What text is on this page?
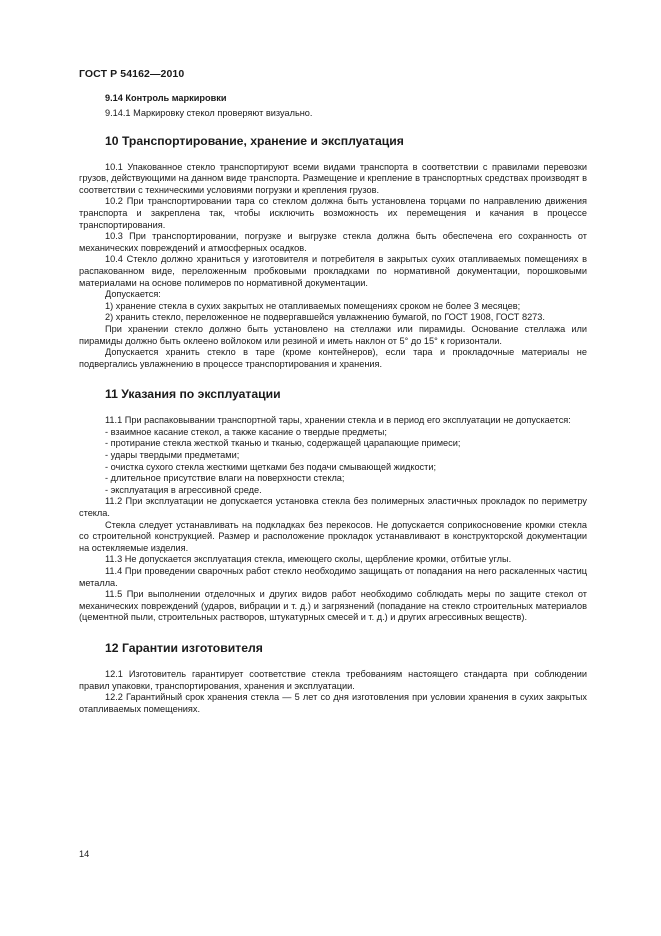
ГОСТ Р 54162—2010
9.14 Контроль маркировки

9.14.1 Маркировку стекол проверяют визуально.

10 Транспортирование, хранение и эксплуатация

10.1 Упакованное стекло транспортируют всеми видами транспорта в соответствии с правилами перевозки грузов, действующими на данном виде транспорта. Размещение и крепление в транспортных средствах производят в соответствии с техническими условиями погрузки и крепления грузов.

10.2 При транспортировании тара со стеклом должна быть установлена торцами по направлению движения транспорта и закреплена так, чтобы исключить возможность их перемещения и качания в процессе транспортирования.

10.3 При транспортировании, погрузке и выгрузке стекла должна быть обеспечена его сохранность от механических повреждений и атмосферных осадков.

10.4 Стекло должно храниться у изготовителя и потребителя в закрытых сухих отапливаемых помещениях в распакованном виде, переложенным пробковыми прокладками по нормативной документации, порошковыми материалами на основе полимеров по нормативной документации.

Допускается:

1) хранение стекла в сухих закрытых не отапливаемых помещениях сроком не более 3 месяцев;

2) хранить стекло, переложенное не подвергавшейся увлажнению бумагой, по ГОСТ 1908, ГОСТ 8273.

При хранении стекло должно быть установлено на стеллажи или пирамиды. Основание стеллажа или пирамиды должно быть оклеено войлоком или резиной и иметь наклон от 5° до 15° к горизонтали.

Допускается хранить стекло в таре (кроме контейнеров), если тара и прокладочные материалы не подвергались увлажнению в процессе транспортирования и хранения.

11 Указания по эксплуатации

11.1 При распаковывании транспортной тары, хранении стекла и в период его эксплуатации не допускается:

- взаимное касание стекол, а также касание о твердые предметы;

- протирание стекла жесткой тканью и тканью, содержащей царапающие примеси;

- удары твердыми предметами;

- очистка сухого стекла жесткими щетками без подачи смывающей жидкости;

- длительное присутствие влаги на поверхности стекла;

- эксплуатация в агрессивной среде.

11.2 При эксплуатации не допускается установка стекла без полимерных эластичных прокладок по периметру стекла.

Стекла следует устанавливать на подкладках без перекосов. Не допускается соприкосновение кромки стекла со строительной конструкцией. Размер и расположение прокладок устанавливают в конструкторской документации на остекляемые изделия.

11.3 Не допускается эксплуатация стекла, имеющего сколы, щербление кромки, отбитые углы.

11.4 При проведении сварочных работ стекло необходимо защищать от попадания на него раскаленных частиц металла.

11.5 При выполнении отделочных и других видов работ необходимо соблюдать меры по защите стекол от механических повреждений (ударов, вибрации и т. д.) и загрязнений (попадание на стекло строительных материалов (цементной пыли, строительных растворов, штукатурных смесей и т. д.) и других агрессивных веществ).

12 Гарантии изготовителя

12.1 Изготовитель гарантирует соответствие стекла требованиям настоящего стандарта при соблюдении правил упаковки, транспортирования, хранения и эксплуатации.

12.2 Гарантийный срок хранения стекла — 5 лет со дня изготовления при условии хранения в сухих закрытых отапливаемых помещениях.

14
